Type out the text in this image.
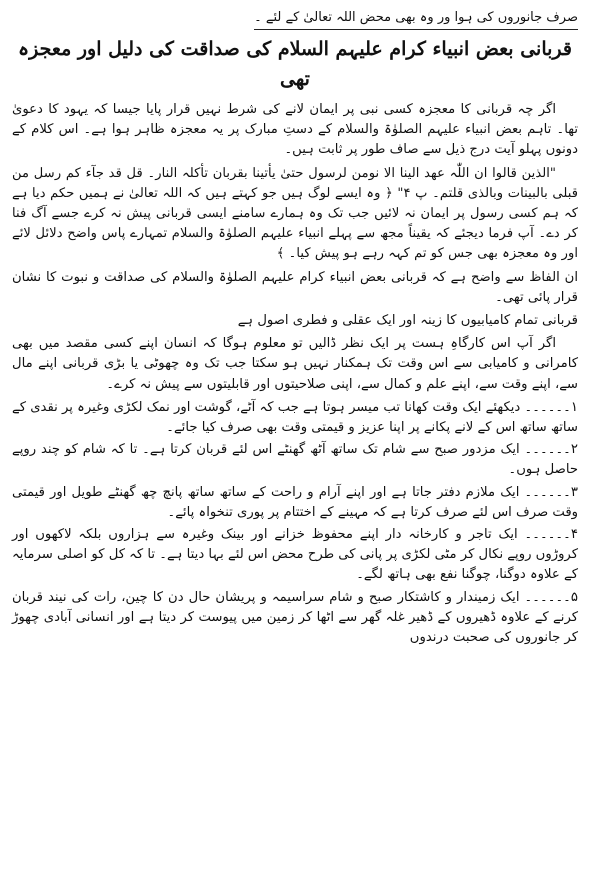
صرف جانوروں کی ہوا ور وہ بھی محض اللہ تعالیٰ کے لئے ۔
قربانی بعض انبیاء کرام علیہم السلام کی صداقت کی دلیل اور معجزہ تھی

اگر چہ قربانی کا معجزہ کسی نبی پر ایمان لانے کی شرط نہیں قرار پایا جیسا کہ یہود کا دعویٰ تھا۔ تاہم بعض انبیاء علیہم الصلوٰۃ والسلام کے دستِ مبارک پر یہ معجزہ ظاہر ہوا ہے۔ اس کلام کے دونوں پہلو آیت درج ذیل سے صاف طور پر ثابت ہیں۔

"الذین قالوا ان اللّٰہ عھد الینا الا نومن لرسول حتیٰ یأتینا بقربان تأکلہ النار۔ قل قد جآء کم رسل من قبلی بالبینات وبالذی قلتم۔ پ ۴" ﴿ وہ ایسے لوگ ہیں جو کہتے ہیں کہ اللہ تعالیٰ نے ہمیں حکم دیا ہے کہ ہم کسی رسول پر ایمان نہ لائیں جب تک وہ ہمارے سامنے ایسی قربانی پیش نہ کرے جسے آگ فنا کر دے۔ آپ فرما دیجئے کہ یقیناً مجھ سے پہلے انبیاء علیہم الصلوٰۃ والسلام تمہارے پاس واضح دلائل لائے اور وہ معجزہ بھی جس کو تم کہہ رہے ہو پیش کیا۔ ﴾

ان الفاظ سے واضح ہے کہ قربانی بعض انبیاء کرام علیہم الصلوٰۃ والسلام کی صداقت و نبوت کا نشان قرار پائی تھی۔

قربانی تمام کامیابیوں کا زینہ اور ایک عقلی و فطری اصول ہے

اگر آپ اس کارگاہِ ہست پر ایک نظر ڈالیں تو معلوم ہوگا کہ انسان اپنے کسی مقصد میں بھی کامرانی و کامیابی سے اس وقت تک ہمکنار نہیں ہو سکتا جب تک وہ چھوٹی یا بڑی قربانی اپنے مال سے، اپنے وقت سے، اپنے علم و کمال سے، اپنی صلاحیتوں اور قابلیتوں سے پیش نہ کرے۔

۱۔۔۔۔۔۔ دیکھئے ایک وقت کھانا تب میسر ہوتا ہے جب کہ آٹے، گوشت اور نمک لکڑی وغیرہ پر نقدی کے ساتھ ساتھ اس کے لانے پکانے پر اپنا عزیز و قیمتی وقت بھی صرف کیا جائے۔
۲۔۔۔۔۔۔ ایک مزدور صبح سے شام تک ساتھ آٹھ گھنٹے اس لئے قربان کرتا ہے۔ تا کہ شام کو چند روپے حاصل ہوں۔
۳۔۔۔۔۔۔ ایک ملازم دفتر جاتا ہے اور اپنے آرام و راحت کے ساتھ ساتھ پانچ چھ گھنٹے طویل اور قیمتی وقت صرف اس لئے صرف کرتا ہے کہ مہینے کے اختتام پر پوری تنخواہ پائے۔
۴۔۔۔۔۔۔ ایک تاجر و کارخانہ دار اپنے محفوظ خزانے اور بینک وغیرہ سے ہزاروں بلکہ لاکھوں اور کروڑوں روپے نکال کر مٹی لکڑی پر پانی کی طرح محض اس لئے بہا دیتا ہے۔ تا کہ کل کو اصلی سرمایہ کے علاوہ دوگنا، چوگنا نفع بھی ہاتھ لگے۔
۵۔۔۔۔۔۔ ایک زمیندار و کاشتکار صبح و شام سراسیمہ و پریشان حال دن کا چین، رات کی نیند قربان کرنے کے علاوہ ڈھیروں کے ڈھیر غلہ گھر سے اٹھا کر زمین میں پیوست کر دیتا ہے اور انسانی آبادی چھوڑ کر جانوروں کی صحبت درندوں
